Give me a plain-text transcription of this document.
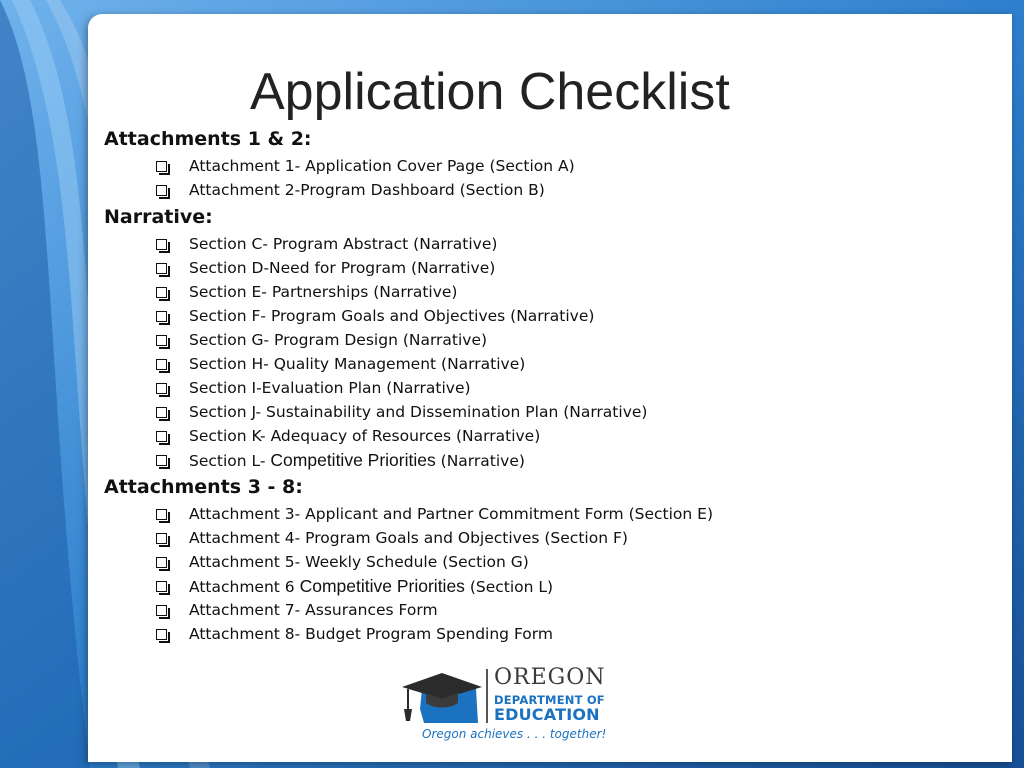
Application Checklist
Attachments 1 & 2:
Attachment 1- Application Cover Page (Section A)
Attachment 2-Program Dashboard (Section B)
Narrative:
Section C- Program Abstract (Narrative)
Section D-Need for Program (Narrative)
Section E- Partnerships (Narrative)
Section F- Program Goals and Objectives (Narrative)
Section G- Program Design (Narrative)
Section H- Quality Management (Narrative)
Section I-Evaluation Plan (Narrative)
Section J- Sustainability and Dissemination Plan (Narrative)
Section K- Adequacy of Resources (Narrative)
Section L- Competitive Priorities (Narrative)
Attachments 3 - 8:
Attachment 3- Applicant and Partner Commitment Form (Section E)
Attachment 4- Program Goals and Objectives (Section F)
Attachment 5- Weekly Schedule (Section G)
Attachment 6 Competitive Priorities (Section L)
Attachment 7- Assurances Form
Attachment 8- Budget Program Spending Form
OREGON
DEPARTMENT OF
EDUCATION
Oregon achieves . . . together!
